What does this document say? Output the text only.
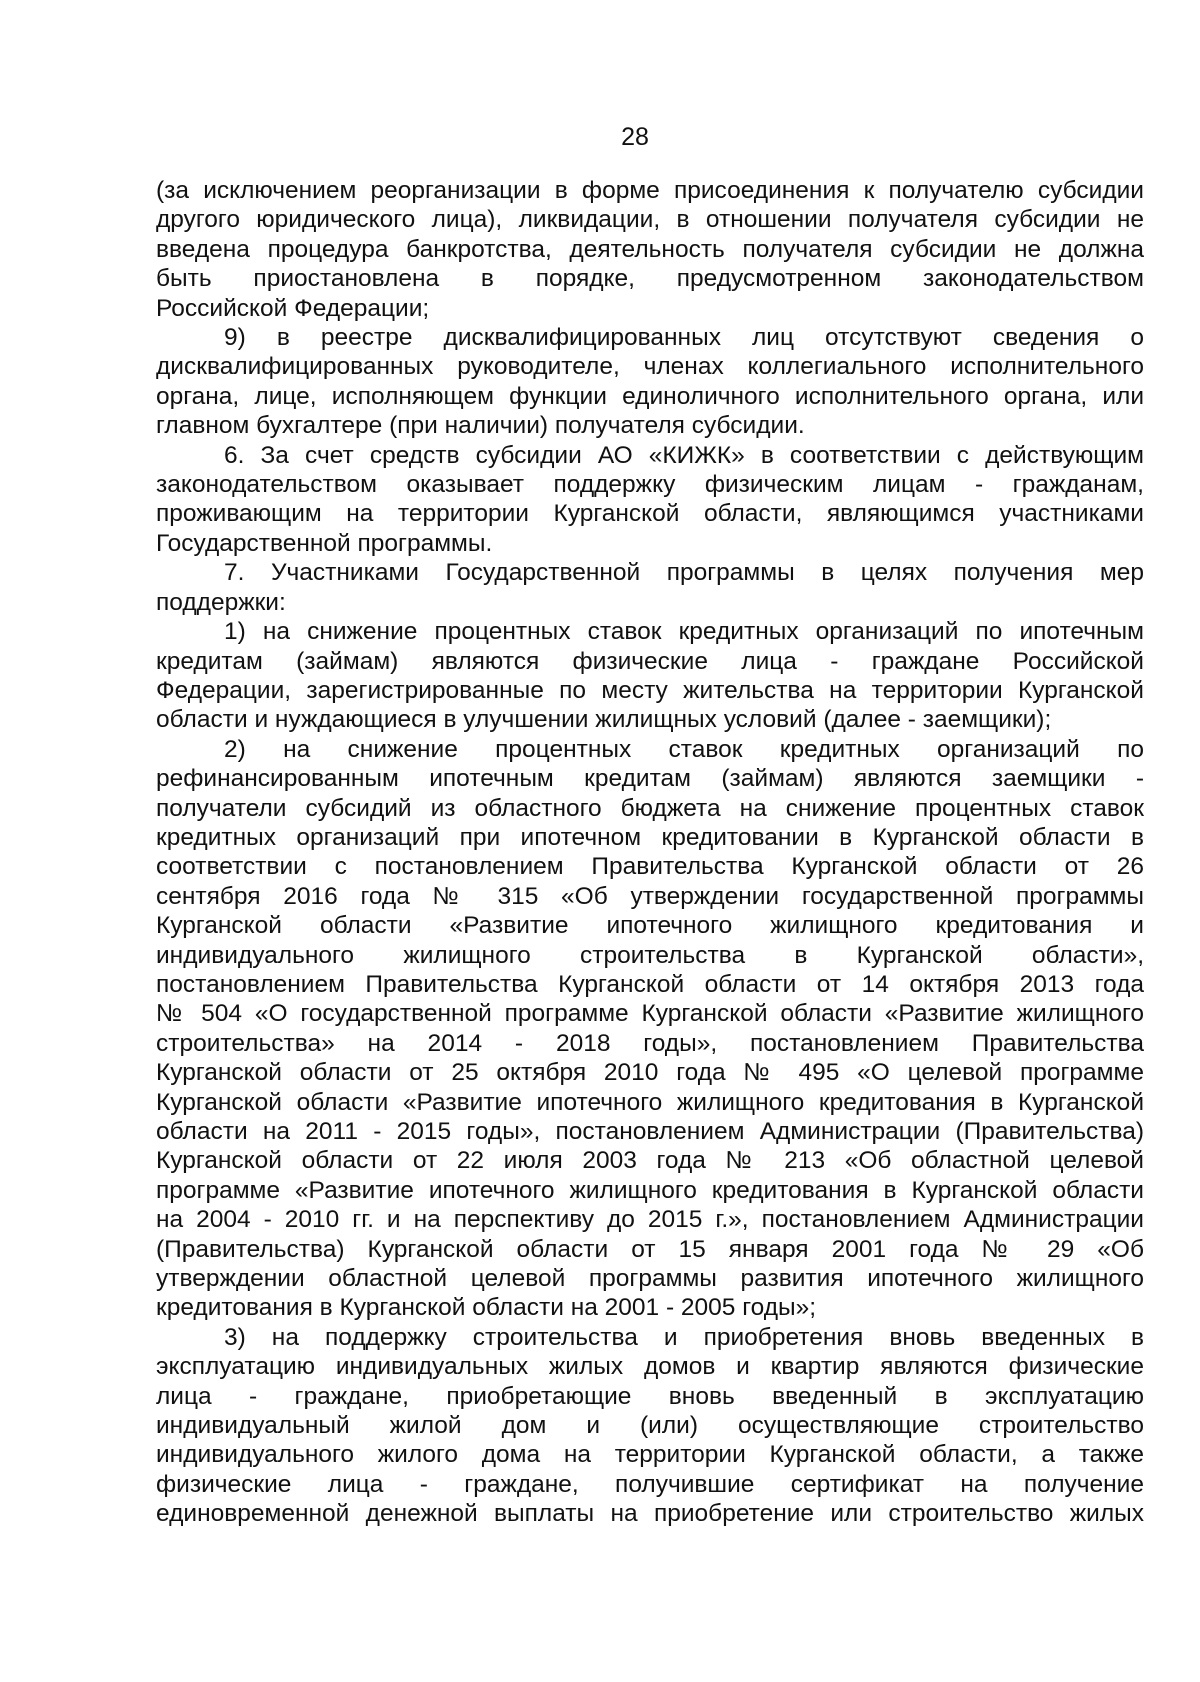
28
(за исключением реорганизации в форме присоединения к получателю субсидии
другого юридического лица), ликвидации, в отношении получателя субсидии не
введена процедура банкротства, деятельность получателя субсидии не должна
быть приостановлена в порядке, предусмотренном законодательством
Российской Федерации;
9) в реестре дисквалифицированных лиц отсутствуют сведения о
дисквалифицированных руководителе, членах коллегиального исполнительного
органа, лице, исполняющем функции единоличного исполнительного органа, или
главном бухгалтере (при наличии) получателя субсидии.
6. За счет средств субсидии АО «КИЖК» в соответствии с действующим
законодательством оказывает поддержку физическим лицам - гражданам,
проживающим на территории Курганской области, являющимся участниками
Государственной программы.
7. Участниками Государственной программы в целях получения мер
поддержки:
1) на снижение процентных ставок кредитных организаций по ипотечным
кредитам (займам) являются физические лица - граждане Российской
Федерации, зарегистрированные по месту жительства на территории Курганской
области и нуждающиеся в улучшении жилищных условий (далее - заемщики);
2) на снижение процентных ставок кредитных организаций по
рефинансированным ипотечным кредитам (займам) являются заемщики -
получатели субсидий из областного бюджета на снижение процентных ставок
кредитных организаций при ипотечном кредитовании в Курганской области в
соответствии с постановлением Правительства Курганской области от 26
сентября 2016 года № 315 «Об утверждении государственной программы
Курганской области «Развитие ипотечного жилищного кредитования и
индивидуального жилищного строительства в Курганской области»,
постановлением Правительства Курганской области от 14 октября 2013 года
№ 504 «О государственной программе Курганской области «Развитие жилищного
строительства» на 2014 - 2018 годы», постановлением Правительства
Курганской области от 25 октября 2010 года № 495 «О целевой программе
Курганской области «Развитие ипотечного жилищного кредитования в Курганской
области на 2011 - 2015 годы», постановлением Администрации (Правительства)
Курганской области от 22 июля 2003 года № 213 «Об областной целевой
программе «Развитие ипотечного жилищного кредитования в Курганской области
на 2004 - 2010 гг. и на перспективу до 2015 г.», постановлением Администрации
(Правительства) Курганской области от 15 января 2001 года № 29 «Об
утверждении областной целевой программы развития ипотечного жилищного
кредитования в Курганской области на 2001 - 2005 годы»;
3) на поддержку строительства и приобретения вновь введенных в
эксплуатацию индивидуальных жилых домов и квартир являются физические
лица - граждане, приобретающие вновь введенный в эксплуатацию
индивидуальный жилой дом и (или) осуществляющие строительство
индивидуального жилого дома на территории Курганской области, а также
физические лица - граждане, получившие сертификат на получение
единовременной денежной выплаты на приобретение или строительство жилых
